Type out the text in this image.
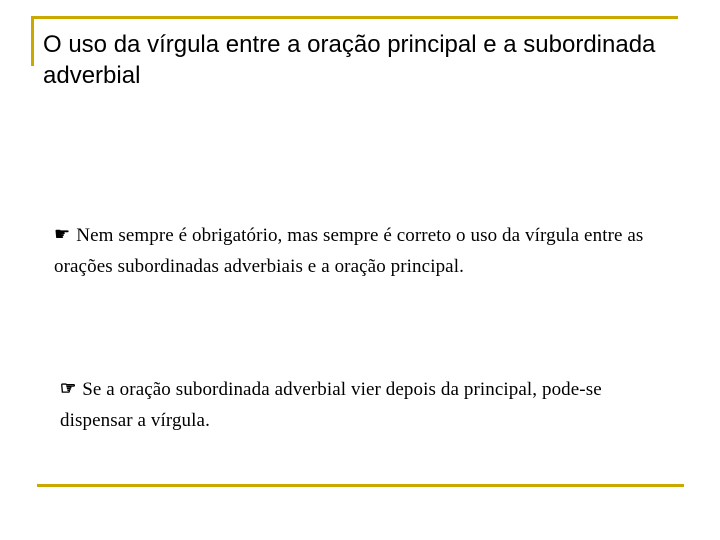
O uso da vírgula entre a oração principal e a subordinada adverbial

☛ Nem sempre é obrigatório, mas sempre é correto o uso da vírgula entre as orações subordinadas adverbiais e a oração principal.

☞ Se a oração subordinada adverbial vier depois da principal, pode-se dispensar a vírgula.
